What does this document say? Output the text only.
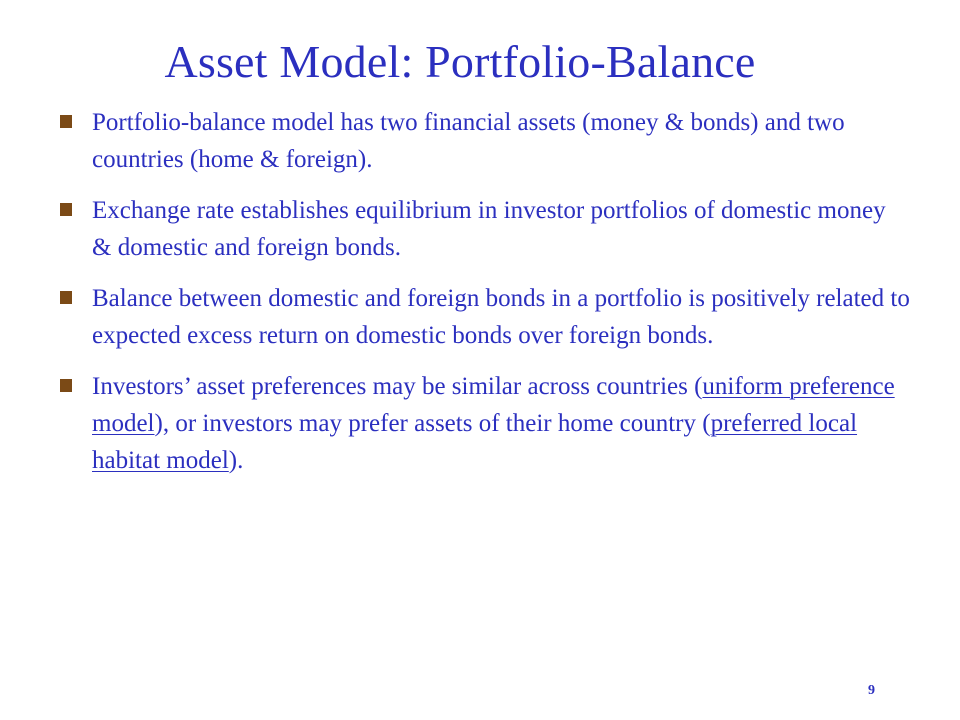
Asset Model: Portfolio-Balance
Portfolio-balance model has two financial assets (money & bonds) and two countries (home & foreign).
Exchange rate establishes equilibrium in investor portfolios of domestic money & domestic and foreign bonds.
Balance between domestic and foreign bonds in a portfolio is positively related to expected excess return on domestic bonds over foreign bonds.
Investors’ asset preferences may be similar across countries (uniform preference model), or investors may prefer assets of their home country (preferred local habitat model).
9
